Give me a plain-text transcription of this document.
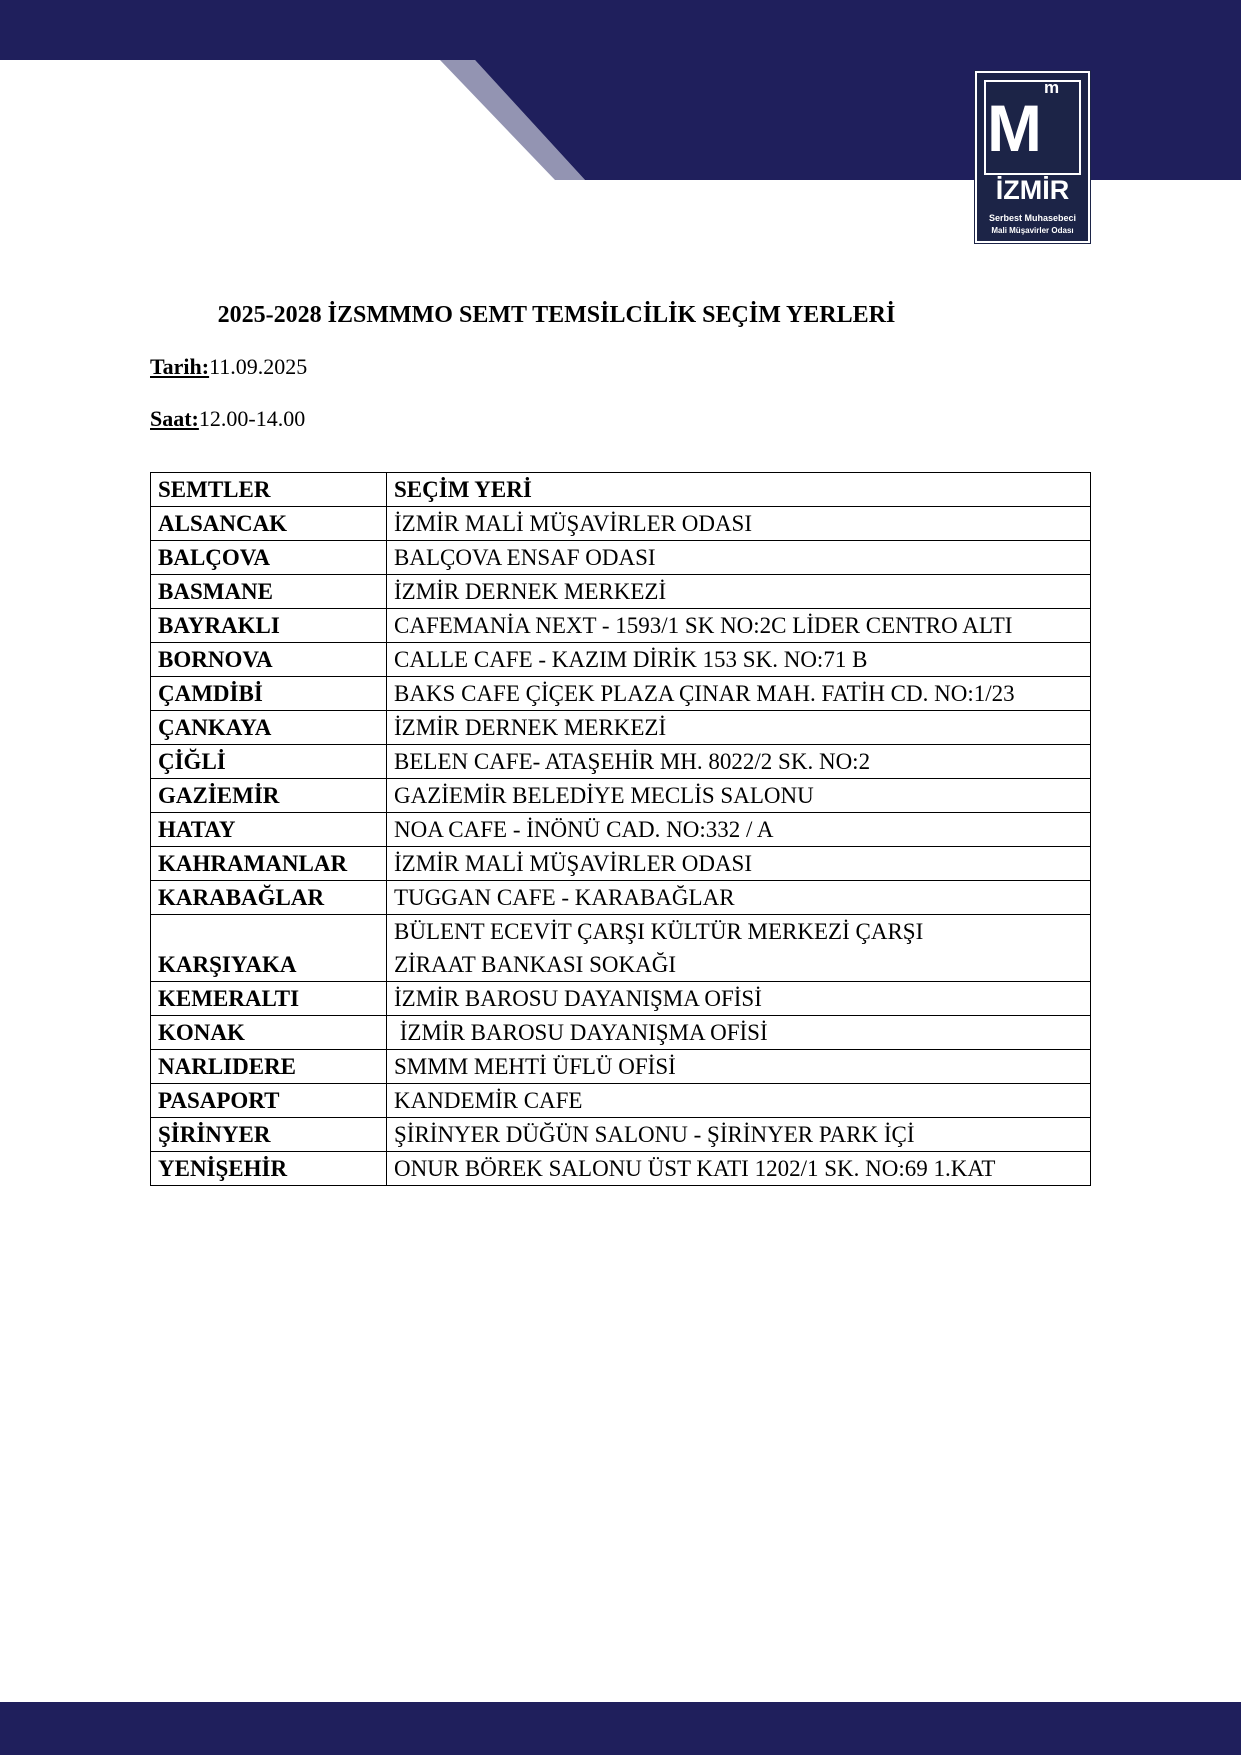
M
m
İZMİR
Serbest Muhasebeci
Mali Müşavirler Odası
2025-2028 İZSMMMO SEMT TEMSİLCİLİK SEÇİM YERLERİ
Tarih:11.09.2025
Saat:12.00-14.00
SEMTLER	SEÇİM YERİ
ALSANCAK	İZMİR MALİ MÜŞAVİRLER ODASI
BALÇOVA	BALÇOVA ENSAF ODASI
BASMANE	İZMİR DERNEK MERKEZİ
BAYRAKLI	CAFEMANİA NEXT - 1593/1 SK NO:2C LİDER CENTRO ALTI
BORNOVA	CALLE CAFE - KAZIM DİRİK 153 SK. NO:71 B
ÇAMDİBİ	BAKS CAFE ÇİÇEK PLAZA ÇINAR MAH. FATİH CD. NO:1/23
ÇANKAYA	İZMİR DERNEK MERKEZİ
ÇİĞLİ	BELEN CAFE- ATAŞEHİR MH. 8022/2 SK. NO:2
GAZİEMİR	GAZİEMİR BELEDİYE MECLİS SALONU
HATAY	NOA CAFE - İNÖNÜ CAD. NO:332 / A
KAHRAMANLAR	İZMİR MALİ MÜŞAVİRLER ODASI
KARABAĞLAR	TUGGAN CAFE - KARABAĞLAR
KARŞIYAKA	BÜLENT ECEVİT ÇARŞI KÜLTÜR MERKEZİ ÇARŞI
ZİRAAT BANKASI SOKAĞI

KEMERALTI	İZMİR BAROSU DAYANIŞMA OFİSİ
KONAK	İZMİR BAROSU DAYANIŞMA OFİSİ
NARLIDERE	SMMM MEHTİ ÜFLÜ OFİSİ
PASAPORT	KANDEMİR CAFE
ŞİRİNYER	ŞİRİNYER DÜĞÜN SALONU - ŞİRİNYER PARK İÇİ
YENİŞEHİR	ONUR BÖREK SALONU ÜST KATI 1202/1 SK. NO:69 1.KAT
